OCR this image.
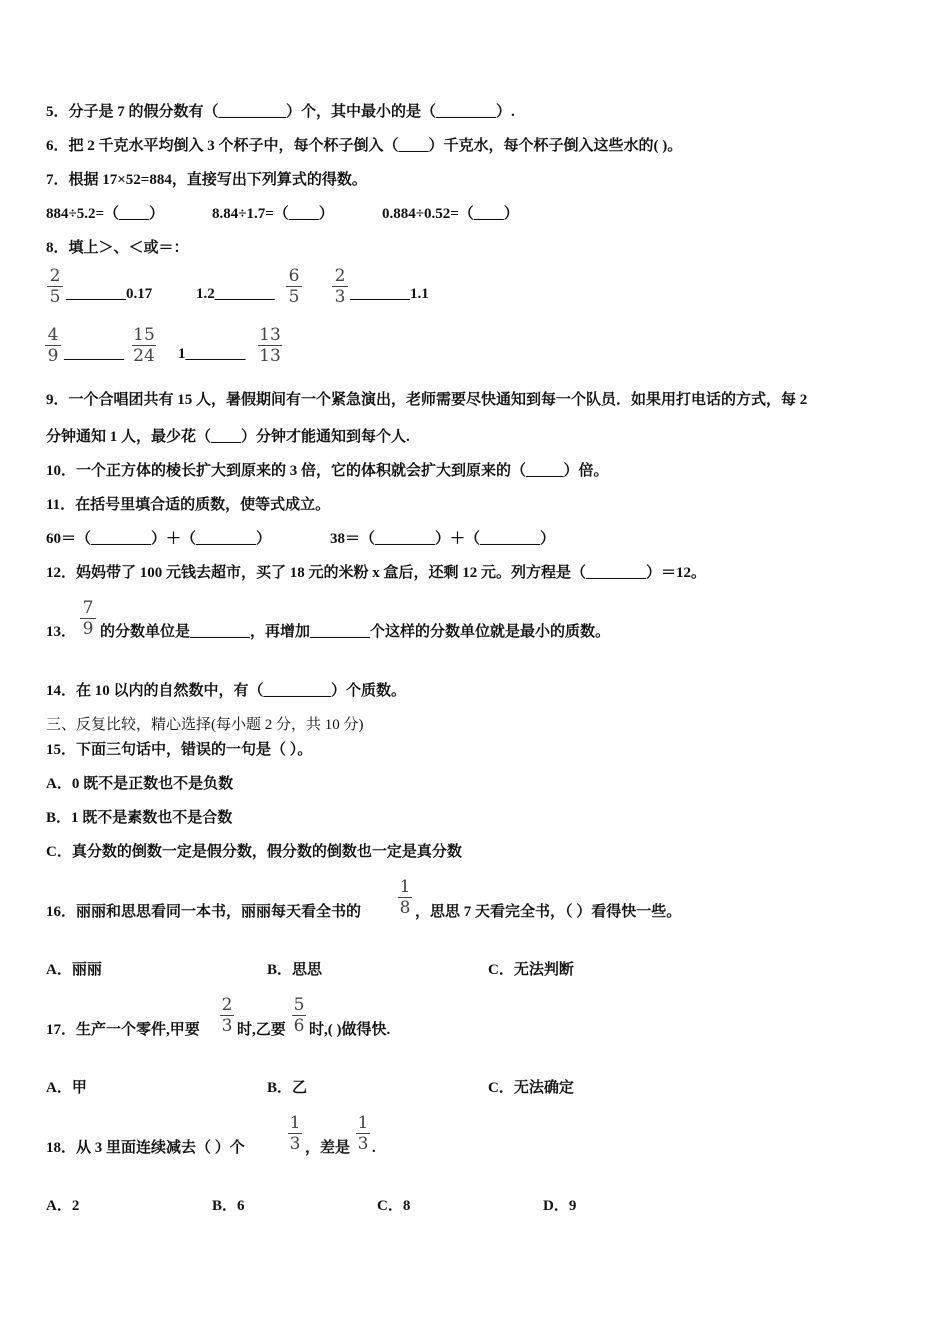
5．分子是 7 的假分数有（_________）个，其中最小的是（________）.
6．把 2 千克水平均倒入 3 个杯子中，每个杯子倒入（____）千克水，每个杯子倒入这些水的( )。
7．根据 17×52=884，直接写出下列算式的得数。
884÷5.2=（____）	8.84÷1.7=（____）	0.884÷0.52=（____）
8．填上＞、＜或＝：
2
5 ________0.17	1.2________
6
5
2
3 ________1.1
4
9 ________
15
24 1________
13
13
9．一个合唱团共有 15 人，暑假期间有一个紧急演出，老师需要尽快通知到每一个队员．如果用打电话的方式，每 2
分钟通知 1 人，最少花（____）分钟才能通知到每个人.
10．一个正方体的棱长扩大到原来的 3 倍，它的体积就会扩大到原来的（_____）倍。
11．在括号里填合适的质数，使等式成立。
60＝（________）＋（________）	38＝（________）＋（________）
12．妈妈带了 100 元钱去超市，买了 18 元的米粉 x 盒后，还剩 12 元。列方程是（________）＝12。
13．
7
9 的分数单位是________，再增加________个这样的分数单位就是最小的质数。
14．在 10 以内的自然数中，有（_________）个质数。
三、反复比较，精心选择(每小题 2 分，共 10 分)
15．下面三句话中，错误的一句是（ ）。
A．0 既不是正数也不是负数
B．1 既不是素数也不是合数
C．真分数的倒数一定是假分数，假分数的倒数也一定是真分数
16．丽丽和思思看同一本书，丽丽每天看全书的
1
8 ，思思 7 天看完全书，（ ）看得快一些。
A．丽丽	B．思思	C．无法判断
17．生产一个零件,甲要
2
3 时,乙要
5
6 时,( )做得快.
A．甲	B．乙	C．无法确定
18．从 3 里面连续减去（ ）个
1
3 ，差是
1
3 .
A．2	B．6	C．8	D．9
